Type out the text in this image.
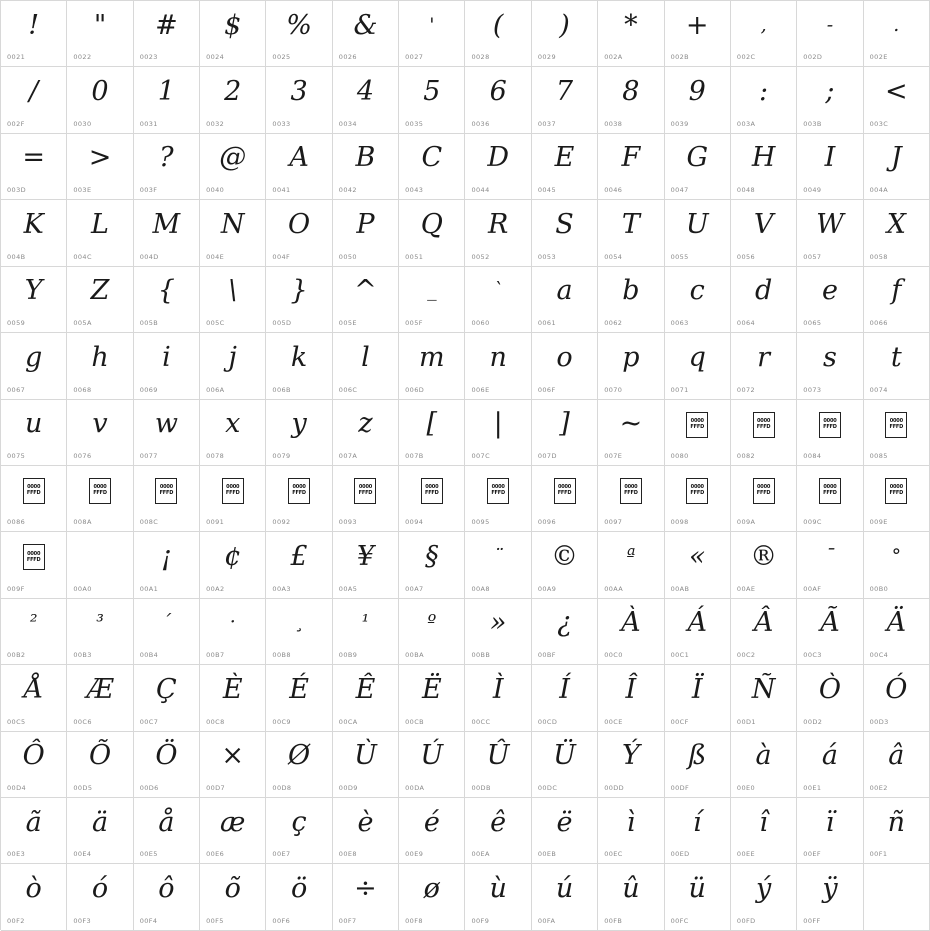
!
0021
"
0022
#
0023
$
0024
%
0025
&
0026
'
0027
(
0028
)
0029
*
002A
+
002B
,
002C
-
002D
.
002E
/
002F
0
0030
1
0031
2
0032
3
0033
4
0034
5
0035
6
0036
7
0037
8
0038
9
0039
:
003A
;
003B
<
003C
=
003D
>
003E
?
003F
@
0040
A
0041
B
0042
C
0043
D
0044
E
0045
F
0046
G
0047
H
0048
I
0049
J
004A
K
004B
L
004C
M
004D
N
004E
O
004F
P
0050
Q
0051
R
0052
S
0053
T
0054
U
0055
V
0056
W
0057
X
0058
Y
0059
Z
005A
{
005B
\
005C
}
005D
^
005E
_
005F
`
0060
a
0061
b
0062
c
0063
d
0064
e
0065
f
0066
g
0067
h
0068
i
0069
j
006A
k
006B
l
006C
m
006D
n
006E
o
006F
p
0070
q
0071
r
0072
s
0073
t
0074
u
0075
v
0076
w
0077
x
0078
y
0079
z
007A
[
007B
|
007C
]
007D
~
007E
0000
FFFD
0080
0000
FFFD
0082
0000
FFFD
0084
0000
FFFD
0085
0000
FFFD
0086
0000
FFFD
008A
0000
FFFD
008C
0000
FFFD
0091
0000
FFFD
0092
0000
FFFD
0093
0000
FFFD
0094
0000
FFFD
0095
0000
FFFD
0096
0000
FFFD
0097
0000
FFFD
0098
0000
FFFD
009A
0000
FFFD
009C
0000
FFFD
009E
0000
FFFD
009F	00A0
¡
00A1
¢
00A2
£
00A3
¥
00A5
§
00A7
¨
00A8
©
00A9
ª
00AA
«
00AB
®
00AE
¯
00AF
°
00B0
²
00B2
³
00B3
´
00B4
·
00B7
¸
00B8
¹
00B9
º
00BA
»
00BB
¿
00BF
À
00C0
Á
00C1
Â
00C2
Ã
00C3
Ä
00C4
Å
00C5
Æ
00C6
Ç
00C7
È
00C8
É
00C9
Ê
00CA
Ë
00CB
Ì
00CC
Í
00CD
Î
00CE
Ï
00CF
Ñ
00D1
Ò
00D2
Ó
00D3
Ô
00D4
Õ
00D5
Ö
00D6
×
00D7
Ø
00D8
Ù
00D9
Ú
00DA
Û
00DB
Ü
00DC
Ý
00DD
ß
00DF
à
00E0
á
00E1
â
00E2
ã
00E3
ä
00E4
å
00E5
æ
00E6
ç
00E7
è
00E8
é
00E9
ê
00EA
ë
00EB
ì
00EC
í
00ED
î
00EE
ï
00EF
ñ
00F1
ò
00F2
ó
00F3
ô
00F4
õ
00F5
ö
00F6
÷
00F7
ø
00F8
ù
00F9
ú
00FA
û
00FB
ü
00FC
ý
00FD
ÿ
00FF
